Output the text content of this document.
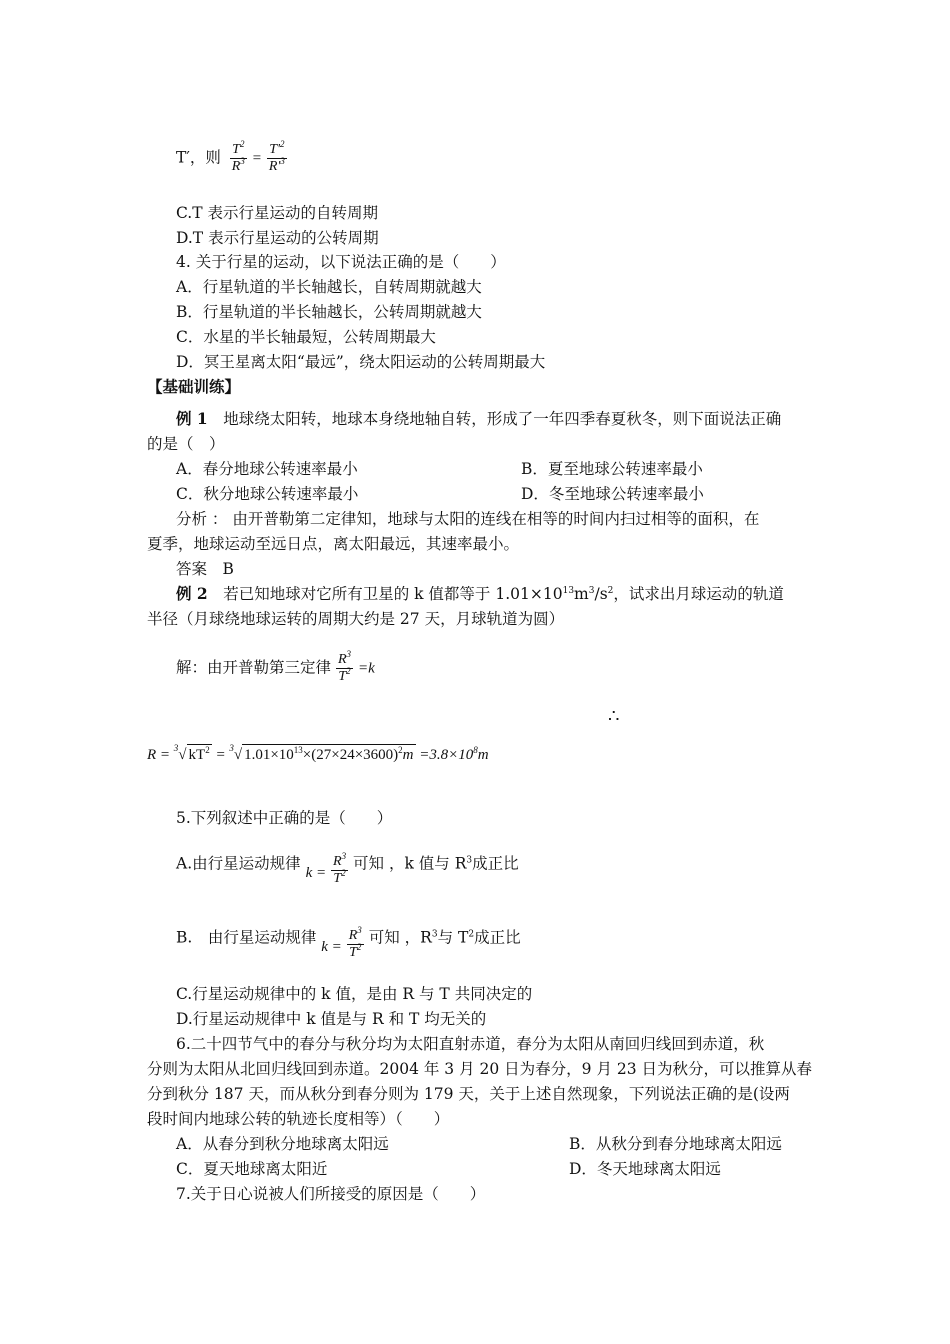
T′，则 $\frac{T^2}{R^3} = \frac{T'^2}{R'^3}$
C.T 表示行星运动的自转周期
D.T 表示行星运动的公转周期
4. 关于行星的运动，以下说法正确的是（　　）
A．行星轨道的半长轴越长，自转周期就越大
B．行星轨道的半长轴越长，公转周期就越大
C．水星的半长轴最短，公转周期最大
D．冥王星离太阳“最远”，绕太阳运动的公转周期最大
【基础训练】
例 1　地球绕太阳转，地球本身绕地轴自转，形成了一年四季春夏秋冬，则下面说法正确
的是（　）
A．春分地球公转速率最小	B．夏至地球公转速率最小
C．秋分地球公转速率最小	D．冬至地球公转速率最小
分析 ： 由开普勒第二定律知，地球与太阳的连线在相等的时间内扫过相等的面积，在
夏季，地球运动至远日点，离太阳最远，其速率最小。
答案　B
例 2　若已知地球对它所有卫星的 k 值都等于 $1.01\times 10^{13}m^3/s^2$，试求出月球运动的轨道
半径（月球绕地球运转的周期大约是 27 天，月球轨道为圆）
解：由开普勒第三定律 $\frac{R^3}{T^2} =k$
∴
R = $^3$√ $kT^2 = ^3√$ $1.01\times 10^{13}\times(27\times 24\times 3600)^2m =3.8\times 10^8m$
5.下列叙述中正确的是（　　）
A.由行星运动规律 $k = \frac{R^3}{T^2}$ 可知 ，k 值与 $R^3$成正比
B.　由行星运动规律 $k = \frac{R^3}{T^2}$ 可知 ，$R^3$与 $T^2$成正比
C.行星运动规律中的 k 值，是由 R 与 T 共同决定的
D.行星运动规律中 k 值是与 R 和 T 均无关的
6.二十四节气中的春分与秋分均为太阳直射赤道，春分为太阳从南回归线回到赤道，秋
分则为太阳从北回归线回到赤道。2004 年 3 月 20 日为春分，9 月 23 日为秋分，可以推算从春
分到秋分 187 天，而从秋分到春分则为 179 天，关于上述自然现象，下列说法正确的是(设两
段时间内地球公转的轨迹长度相等）（　　）
A．从春分到秋分地球离太阳远	B．从秋分到春分地球离太阳远
C．夏天地球离太阳近	D．冬天地球离太阳远
7.关于日心说被人们所接受的原因是（　　）
